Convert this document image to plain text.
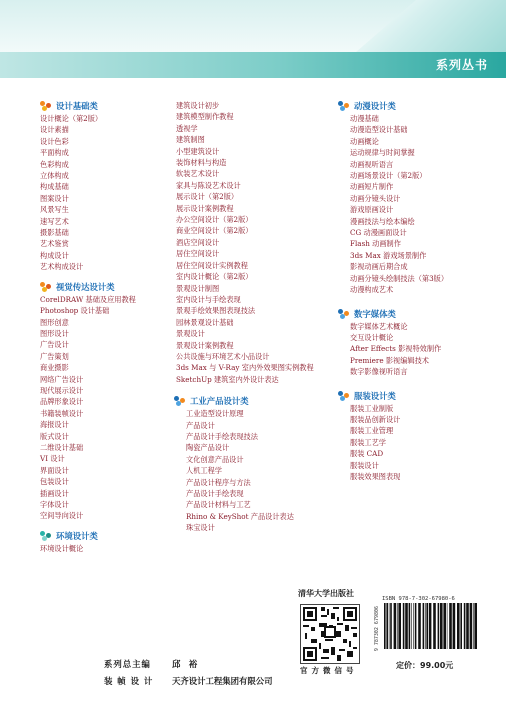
系列丛书
设计基础类
设计概论（第2版）
设计素描
设计色彩
平面构成
色彩构成
立体构成
构成基础
图案设计
风景写生
速写艺术
摄影基础
艺术鉴赏
构成设计
艺术构成设计
视觉传达设计类
CorelDRAW 基础及应用教程
Photoshop 设计基础
图形创意
图形设计
广告设计
广告策划
商业摄影
网络广告设计
现代展示设计
品牌形象设计
书籍装帧设计
海报设计
版式设计
二维设计基础
VI 设计
界面设计
包装设计
插画设计
字体设计
空间导向设计
环境设计类
环境设计概论
建筑设计初步
建筑模型制作教程
透视学
建筑制图
小型建筑设计
装饰材料与构造
软装艺术设计
家具与陈设艺术设计
展示设计（第2版）
展示设计案例教程
办公空间设计（第2版）
商业空间设计（第2版）
酒店空间设计
居住空间设计
居住空间设计实例教程
室内设计概论（第2版）
景观设计制图
室内设计与手绘表现
景观手绘效果图表现技法
园林景观设计基础
景观设计
景观设计案例教程
公共设施与环境艺术小品设计
3ds Max 与 V-Ray 室内外效果图实例教程
SketchUp 建筑室内外设计表达
工业产品设计类
工业造型设计原理
产品设计
产品设计手绘表现技法
陶瓷产品设计
文化创意产品设计
人机工程学
产品设计程序与方法
产品设计手绘表现
产品设计材料与工艺
Rhino & KeyShot 产品设计表达
珠宝设计
动漫设计类
动漫基础
动漫造型设计基础
动画概论
运动规律与时间掌握
动画视听语言
动画场景设计（第2版）
动画短片制作
动画分镜头设计
游戏原画设计
漫画技法与绘本编绘
CG 动漫画面设计
Flash 动画制作
3ds Max 游戏场景制作
影视动画后期合成
动画分镜头绘制技法（第3版）
动漫构成艺术
数字媒体类
数字媒体艺术概论
交互设计概论
After Effects 影视特效制作
Premiere 影视编辑技术
数字影像视听语言
服装设计类
服装工业制版
服装品创新设计
服装工业管理
服装工艺学
服装 CAD
服装设计
服装效果图表现
清华大学出版社
官方微信号
ISBN 978-7-302-67980-6
9 787302 679806
定价：99.00元
系列总主编	邱　裕
装 帧 设 计 天齐设计工程集团有限公司
